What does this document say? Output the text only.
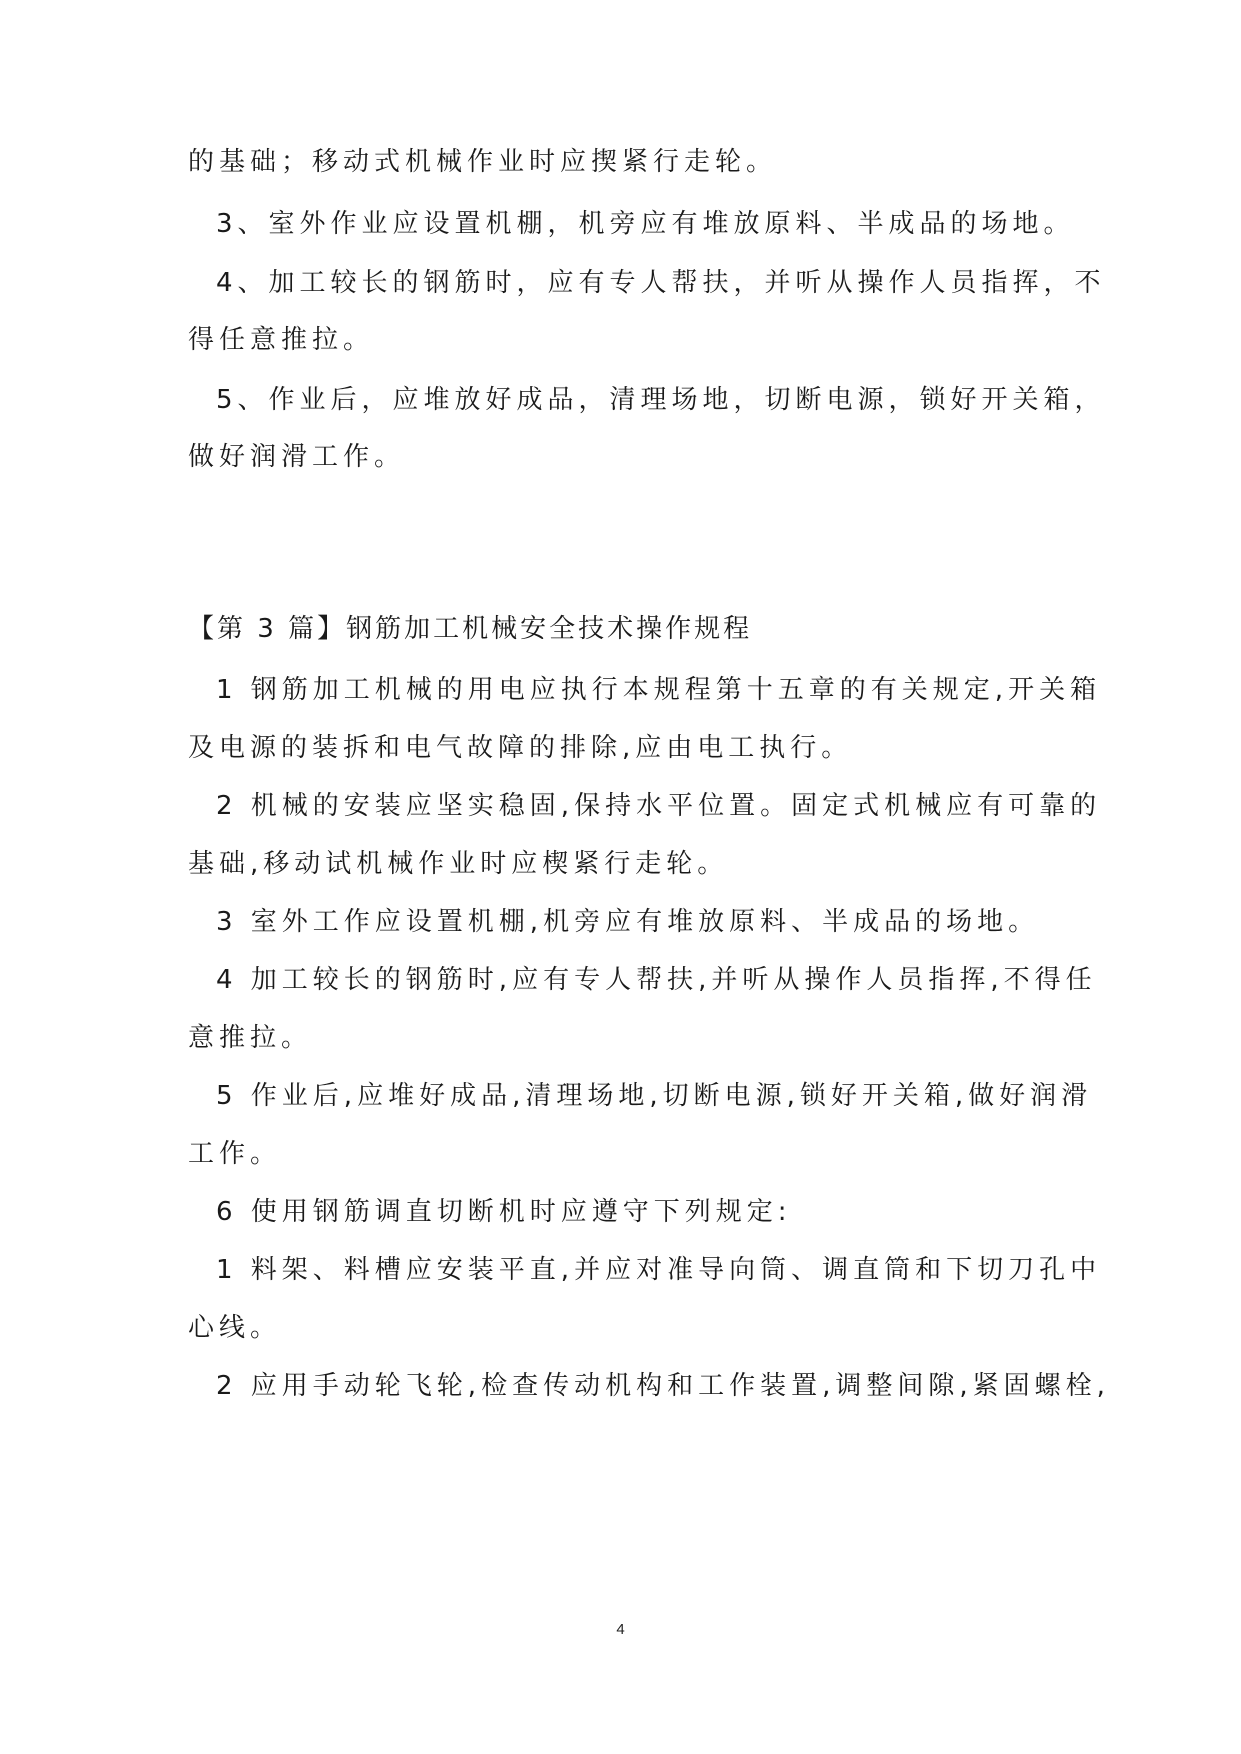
的基础；移动式机械作业时应揳紧行走轮。
3、室外作业应设置机棚，机旁应有堆放原料、半成品的场地。
4、加工较长的钢筋时，应有专人帮扶，并听从操作人员指挥，不
得任意推拉。
5、作业后，应堆放好成品，清理场地，切断电源，锁好开关箱，
做好润滑工作。
【第 3 篇】钢筋加工机械安全技术操作规程
1 钢筋加工机械的用电应执行本规程第十五章的有关规定,开关箱
及电源的装拆和电气故障的排除,应由电工执行。
2 机械的安装应坚实稳固,保持水平位置。固定式机械应有可靠的
基础,移动试机械作业时应楔紧行走轮。
3 室外工作应设置机棚,机旁应有堆放原料、半成品的场地。
4 加工较长的钢筋时,应有专人帮扶,并听从操作人员指挥,不得任
意推拉。
5 作业后,应堆好成品,清理场地,切断电源,锁好开关箱,做好润滑
工作。
6 使用钢筋调直切断机时应遵守下列规定:
1 料架、料槽应安装平直,并应对准导向筒、调直筒和下切刀孔中
心线。
2 应用手动轮飞轮,检查传动机构和工作装置,调整间隙,紧固螺栓,
4
